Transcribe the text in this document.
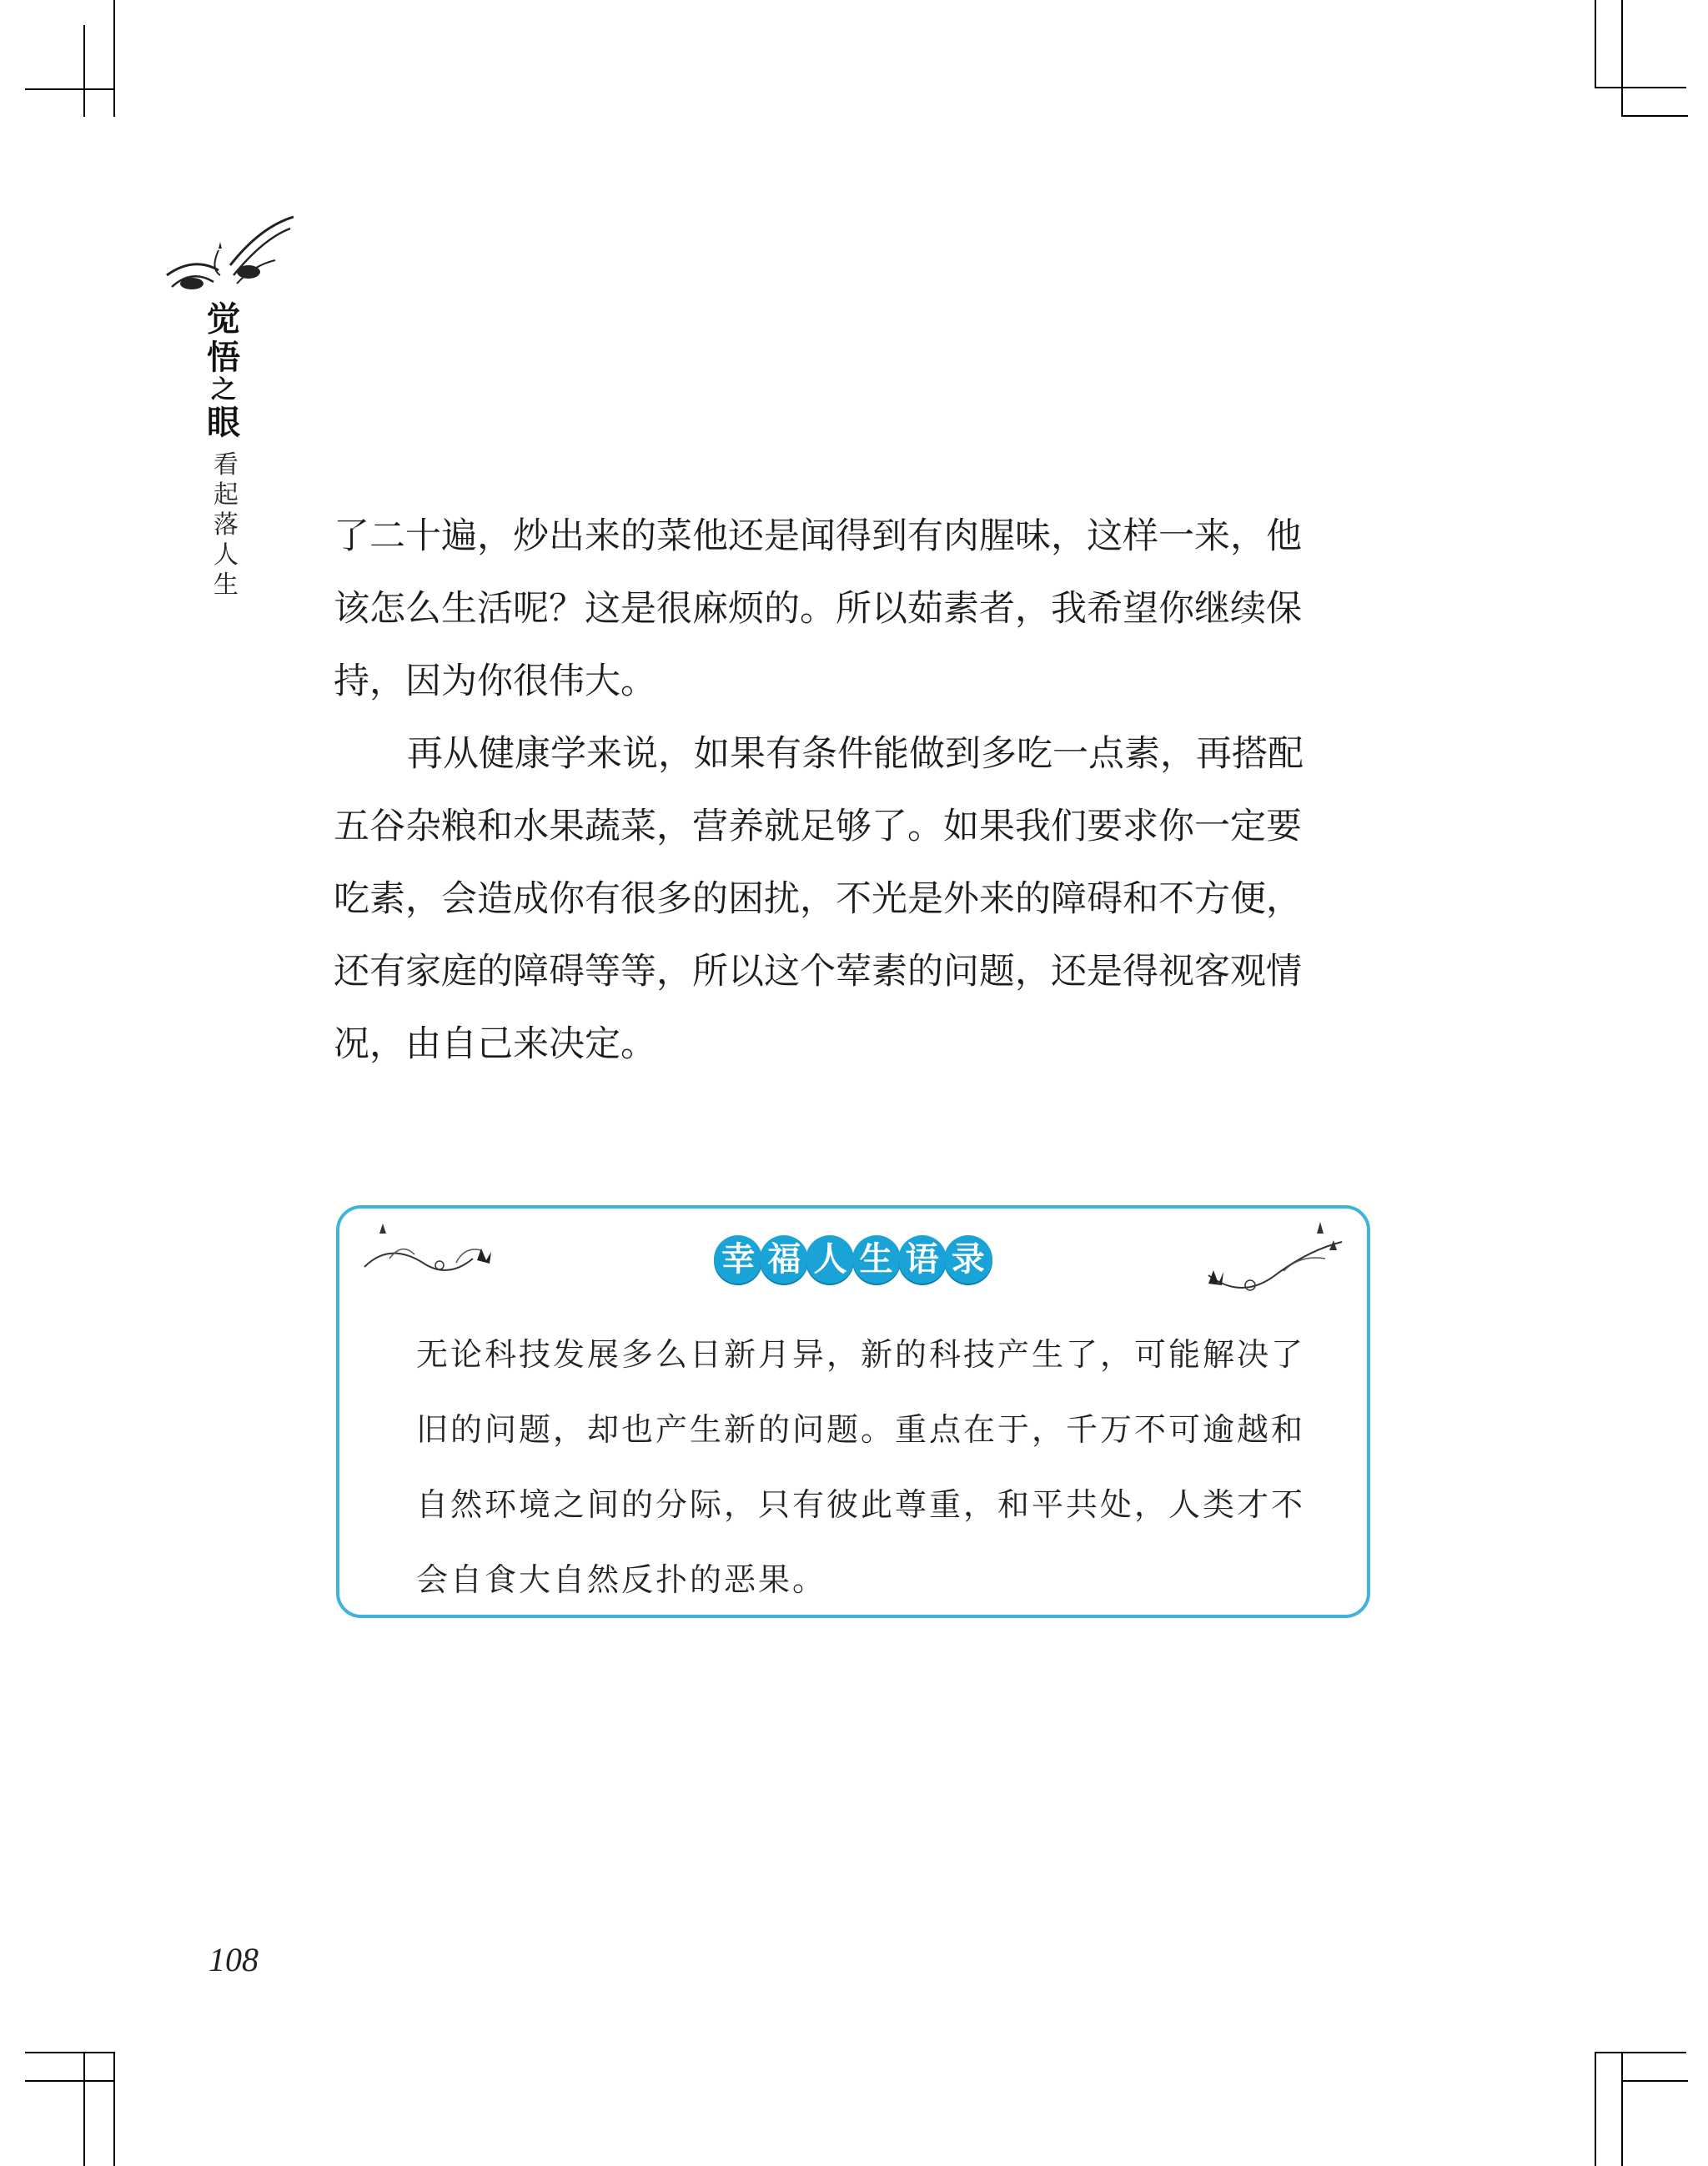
觉
悟
之
眼
看
起
落
人
生

了二十遍，炒出来的菜他还是闻得到有肉腥味，这样一来，他

该怎么生活呢？这是很麻烦的。所以茹素者，我希望你继续保

持，因为你很伟大。

再从健康学来说，如果有条件能做到多吃一点素，再搭配

五谷杂粮和水果蔬菜，营养就足够了。如果我们要求你一定要

吃素，会造成你有很多的困扰，不光是外来的障碍和不方便，

还有家庭的障碍等等，所以这个荤素的问题，还是得视客观情

况，由自己来决定。

幸 福 人 生 语 录

无论科技发展多么日新月异，新的科技产生了，可能解决了

旧的问题，却也产生新的问题。重点在于，千万不可逾越和

自然环境之间的分际，只有彼此尊重，和平共处，人类才不

会自食大自然反扑的恶果。

108
